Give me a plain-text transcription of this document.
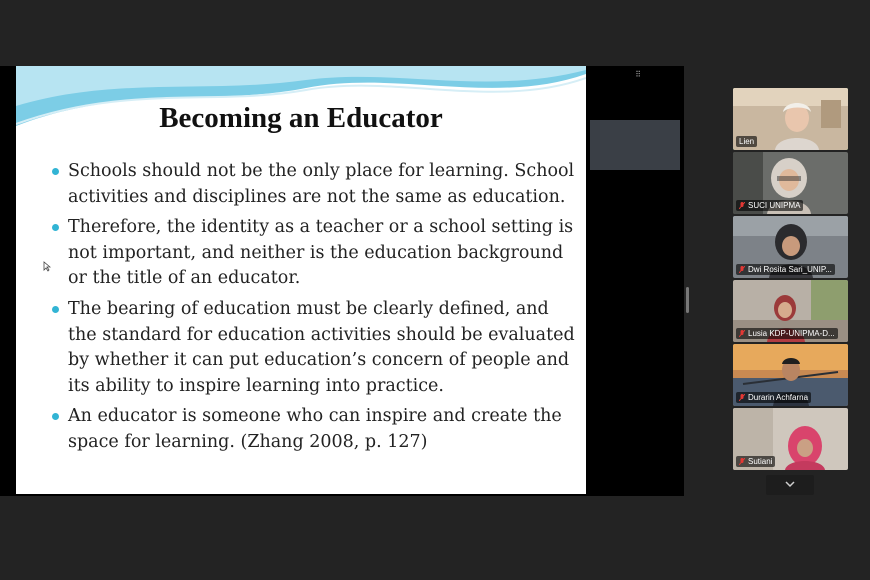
⠿
Becoming an Educator
Schools should not be the only place for learning. School activities and disciplines are not the same as education.
Therefore, the identity as a teacher or a school setting is not important, and neither is the education background or the title of an educator.
The bearing of education must be clearly defined, and the standard for education activities should be evaluated by whether it can put education’s concern of people and its ability to inspire learning into practice.
An educator is someone who can inspire and create the space for learning. (Zhang 2008, p. 127)
Lien
SUCI UNIPMA
Dwi Rosita Sari_UNIP...
Lusia KDP-UNIPMA-D...
Durarin Achfarna
Sutiani
